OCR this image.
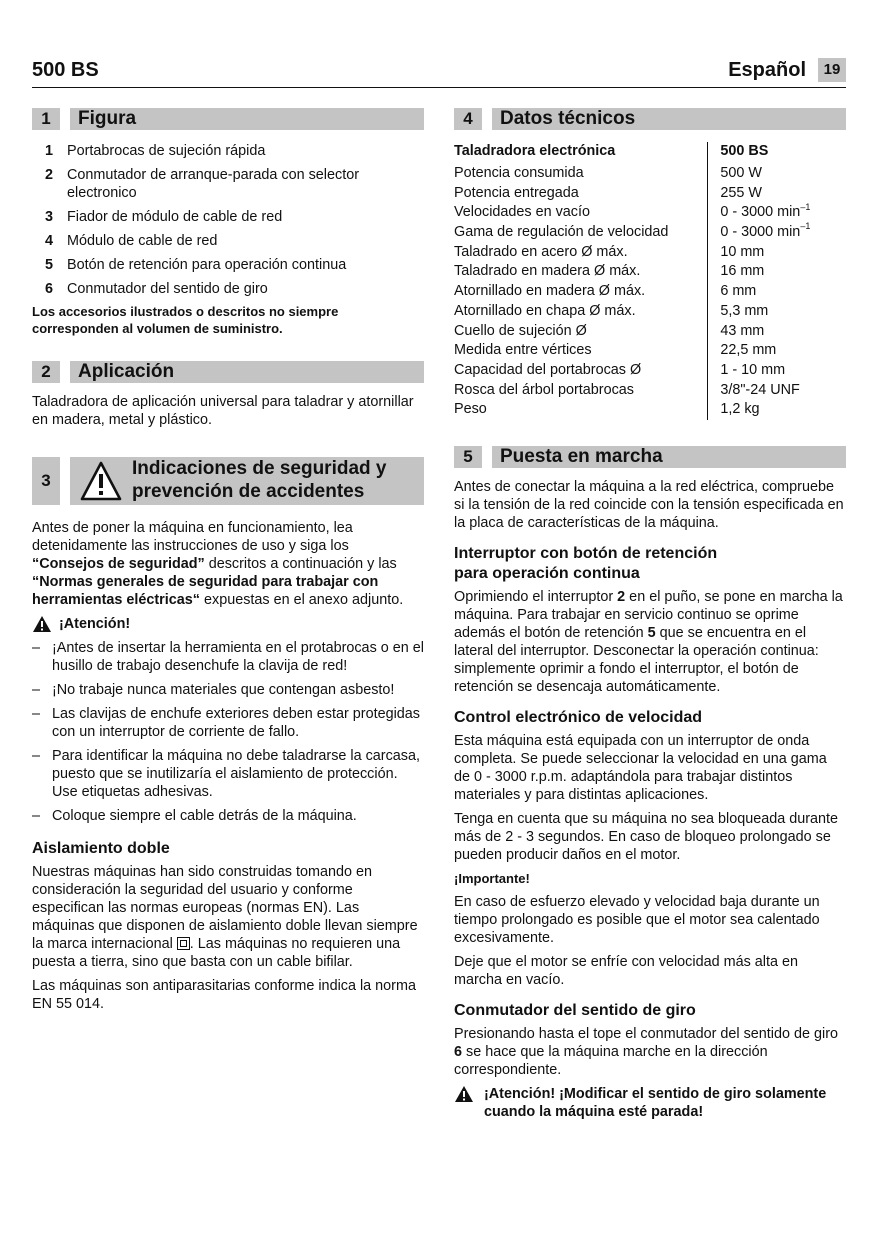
500 BS	Español	19
1	Figura
1 Portabrocas de sujeción rápida
2 Conmutador de arranque-parada con selector electronico
3 Fiador de módulo de cable de red
4 Módulo de cable de red
5 Botón de retención para operación continua
6 Conmutador del sentido de giro

Los accesorios ilustrados o descritos no siempre corresponden al volumen de suministro.

2	Aplicación

Taladradora de aplicación universal para taladrar y atornillar en madera, metal y plástico.

3
Indicaciones de seguridad y
prevención de accidentes

Antes de poner la máquina en funcionamiento, lea detenidamente las instrucciones de uso y siga los “Consejos de seguridad” descritos a continuación y las “Normas generales de seguridad para trabajar con herramientas eléctricas“ expuestas en el anexo adjunto.

¡Atención!
– ¡Antes de insertar la herramienta en el protabrocas o en el husillo de trabajo desenchufe la clavija de red!
– ¡No trabaje nunca materiales que contengan asbesto!
– Las clavijas de enchufe exteriores deben estar protegidas con un interruptor de corriente de fallo.
– Para identificar la máquina no debe taladrarse la carcasa, puesto que se inutilizaría el aislamiento de protección. Use etiquetas adhesivas.
– Coloque siempre el cable detrás de la máquina.

Aislamiento doble

Nuestras máquinas han sido construidas tomando en consideración la seguridad del usuario y conforme especifican las normas europeas (normas EN). Las máquinas que disponen de aislamiento doble llevan siempre la marca internacional . Las máquinas no requieren una puesta a tierra, sino que basta con un cable bifilar.

Las máquinas son antiparasitarias conforme indica la norma EN 55 014.

4	Datos técnicos
Taladradora electrónica	500 BS
Potencia consumida	500 W
Potencia entregada	255 W
Velocidades en vacío	0 - 3000 $\min^{-1}$
Gama de regulación de velocidad	0 - 3000 $\min^{-1}$
Taladrado en acero Ø máx.	10 mm
Taladrado en madera Ø máx.	16 mm
Atornillado en madera Ø máx.	6 mm
Atornillado en chapa Ø máx.	5,3 mm
Cuello de sujeción Ø	43 mm
Medida entre vértices	22,5 mm
Capacidad del portabrocas Ø	1 - 10 mm
Rosca del árbol portabrocas	3/8"-24 UNF
Peso	1,2 kg
5	Puesta en marcha

Antes de conectar la máquina a la red eléctrica, compruebe si la tensión de la red coincide con la tensión especificada en la placa de características de la máquina.

Interruptor con botón de retención
para operación continua

Oprimiendo el interruptor 2 en el puño, se pone en marcha la máquina. Para trabajar en servicio continuo se oprime además el botón de retención 5 que se encuentra en el lateral del interruptor. Desconectar la operación continua: simplemente oprimir a fondo el interruptor, el botón de retención se desencaja automáticamente.

Control electrónico de velocidad

Esta máquina está equipada con un interruptor de onda completa. Se puede seleccionar la velocidad en una gama de 0 - 3000 r.p.m. adaptándola para trabajar distintos materiales y para distintas aplicaciones.

Tenga en cuenta que su máquina no sea bloqueada durante más de 2 - 3 segundos. En caso de bloqueo prolongado se pueden producir daños en el motor.

¡Importante!

En caso de esfuerzo elevado y velocidad baja durante un tiempo prolongado es posible que el motor sea calentado excesivamente.

Deje que el motor se enfríe con velocidad más alta en marcha en vacío.

Conmutador del sentido de giro

Presionando hasta el tope el conmutador del sentido de giro 6 se hace que la máquina marche en la dirección correspondiente.

¡Atención! ¡Modificar el sentido de giro solamente cuando la máquina esté parada!
